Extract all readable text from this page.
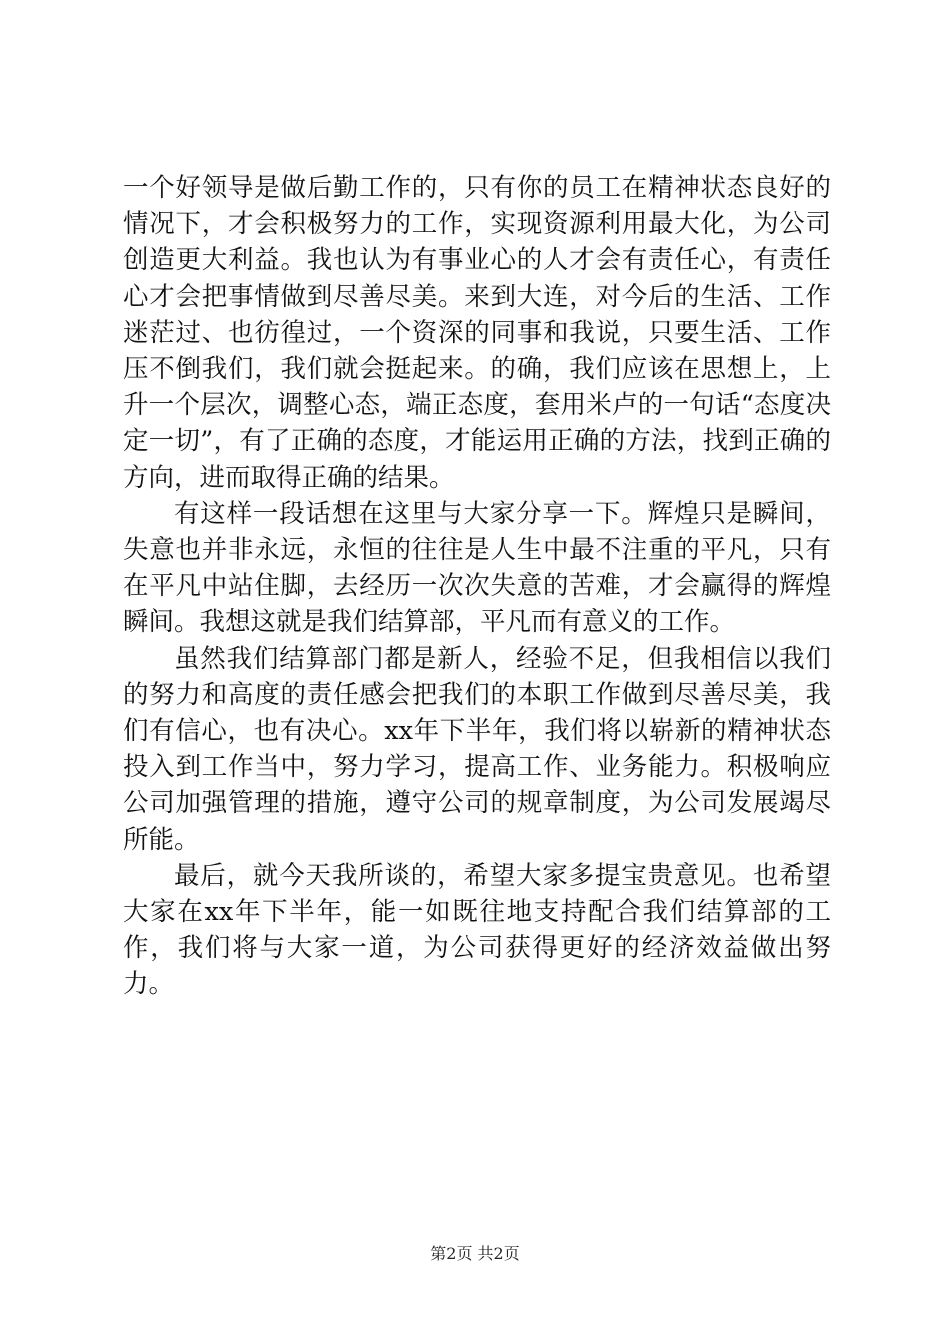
一个好领导是做后勤工作的，只有你的员工在精神状态良好的情况下，才会积极努力的工作，实现资源利用最大化，为公司创造更大利益。我也认为有事业心的人才会有责任心，有责任心才会把事情做到尽善尽美。来到大连，对今后的生活、工作迷茫过、也彷徨过，一个资深的同事和我说，只要生活、工作压不倒我们，我们就会挺起来。的确，我们应该在思想上，上升一个层次，调整心态，端正态度，套用米卢的一句话“态度决定一切”，有了正确的态度，才能运用正确的方法，找到正确的方向，进而取得正确的结果。

有这样一段话想在这里与大家分享一下。辉煌只是瞬间，失意也并非永远，永恒的往往是人生中最不注重的平凡，只有在平凡中站住脚，去经历一次次失意的苦难，才会赢得的辉煌瞬间。我想这就是我们结算部，平凡而有意义的工作。

虽然我们结算部门都是新人，经验不足，但我相信以我们的努力和高度的责任感会把我们的本职工作做到尽善尽美，我们有信心，也有决心。xx年下半年，我们将以崭新的精神状态投入到工作当中，努力学习，提高工作、业务能力。积极响应公司加强管理的措施，遵守公司的规章制度，为公司发展竭尽所能。

最后，就今天我所谈的，希望大家多提宝贵意见。也希望大家在xx年下半年，能一如既往地支持配合我们结算部的工作，我们将与大家一道，为公司获得更好的经济效益做出努力。

第2页 共2页
